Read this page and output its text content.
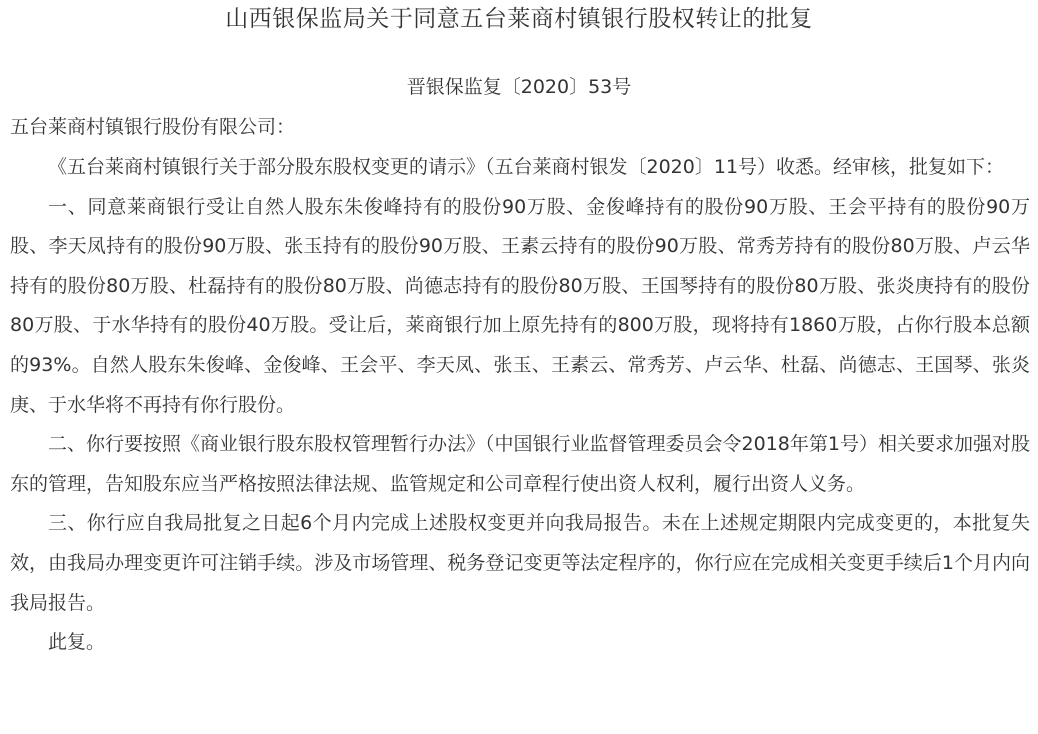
山西银保监局关于同意五台莱商村镇银行股权转让的批复
晋银保监复〔2020〕53号
五台莱商村镇银行股份有限公司：

《五台莱商村镇银行关于部分股东股权变更的请示》（五台莱商村银发〔2020〕11号）收悉。经审核，批复如下：

一、同意莱商银行受让自然人股东朱俊峰持有的股份90万股、金俊峰持有的股份90万股、王会平持有的股份90万股、李天凤持有的股份90万股、张玉持有的股份90万股、王素云持有的股份90万股、常秀芳持有的股份80万股、卢云华持有的股份80万股、杜磊持有的股份80万股、尚德志持有的股份80万股、王国琴持有的股份80万股、张炎庚持有的股份80万股、于水华持有的股份40万股。受让后，莱商银行加上原先持有的800万股，现将持有1860万股，占你行股本总额的93%。自然人股东朱俊峰、金俊峰、王会平、李天凤、张玉、王素云、常秀芳、卢云华、杜磊、尚德志、王国琴、张炎庚、于水华将不再持有你行股份。

二、你行要按照《商业银行股东股权管理暂行办法》（中国银行业监督管理委员会令2018年第1号）相关要求加强对股东的管理，告知股东应当严格按照法律法规、监管规定和公司章程行使出资人权利，履行出资人义务。

三、你行应自我局批复之日起6个月内完成上述股权变更并向我局报告。未在上述规定期限内完成变更的，本批复失效，由我局办理变更许可注销手续。涉及市场管理、税务登记变更等法定程序的，你行应在完成相关变更手续后1个月内向我局报告。

此复。
